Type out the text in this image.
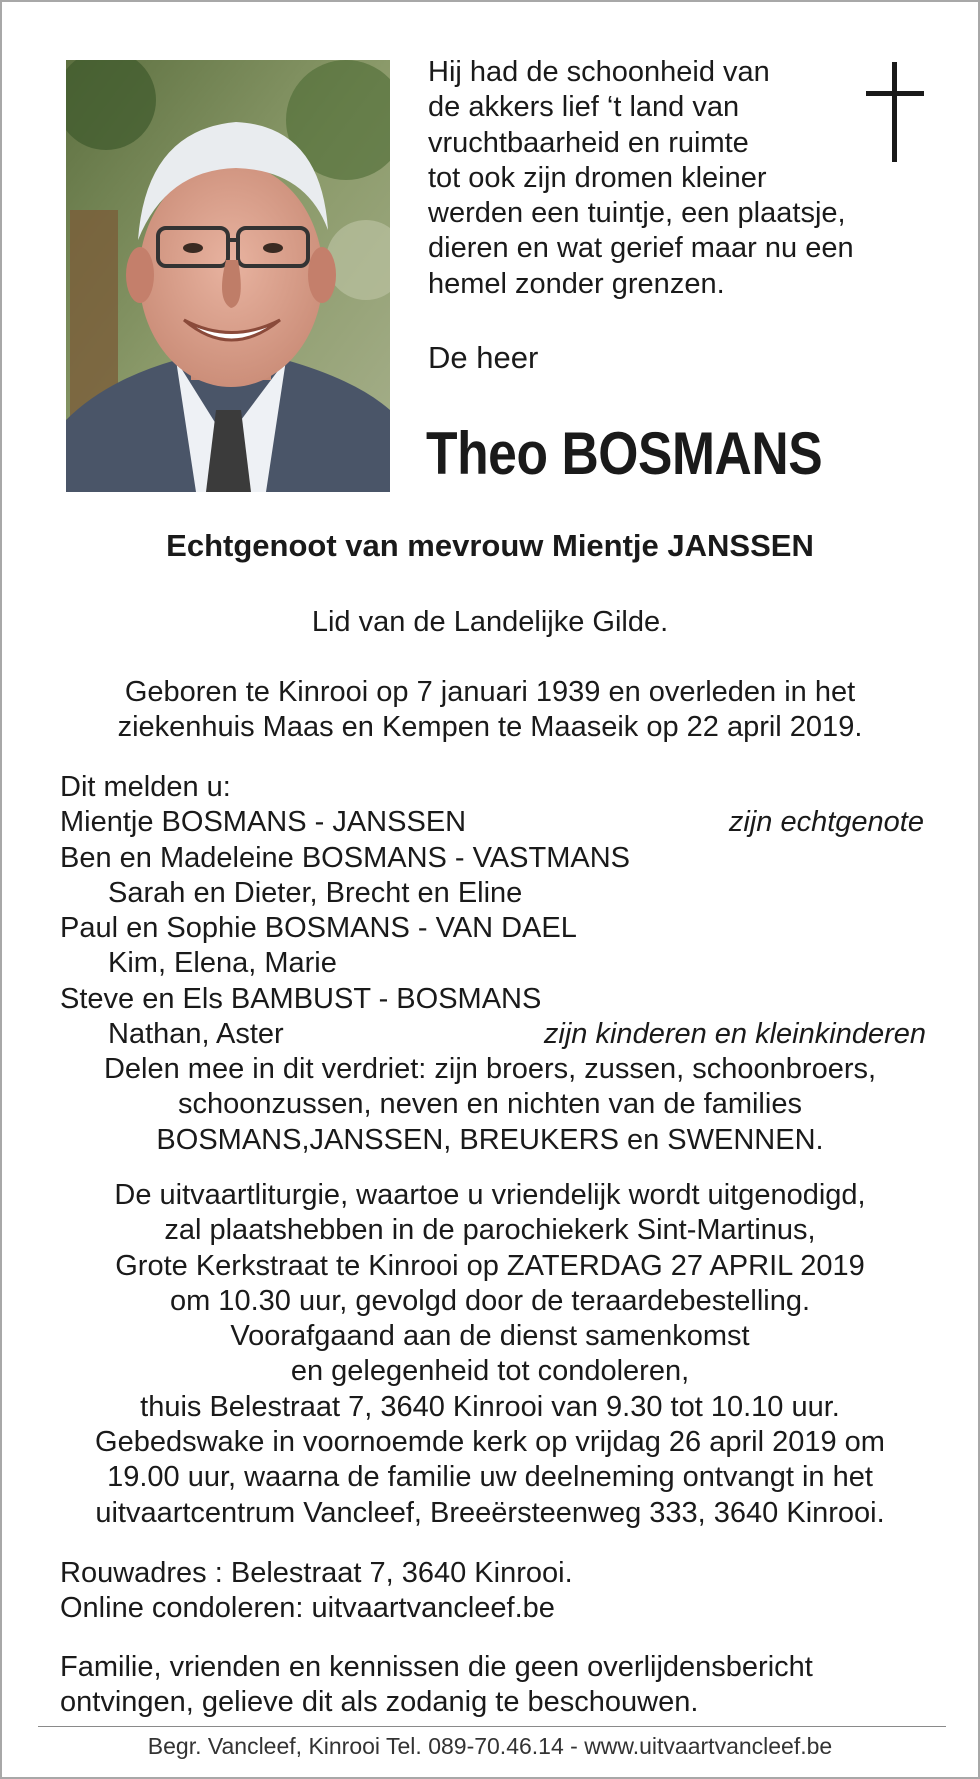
Hij had de schoonheid van
de akkers lief ‘t land van
vruchtbaarheid en ruimte
tot ook zijn dromen kleiner
werden een tuintje, een plaatsje,
dieren en wat gerief maar nu een
hemel zonder grenzen.
De heer
Theo BOSMANS
Echtgenoot van mevrouw Mientje JANSSEN
Lid van de Landelijke Gilde.
Geboren te Kinrooi op 7 januari 1939 en overleden in het
ziekenhuis Maas en Kempen te Maaseik op 22 april 2019.
Dit melden u:
Mientje BOSMANS - JANSSEN	zijn echtgenote
Ben en Madeleine BOSMANS - VASTMANS
Sarah en Dieter, Brecht en Eline
Paul en Sophie BOSMANS - VAN DAEL
Kim, Elena, Marie
Steve en Els BAMBUST - BOSMANS
Nathan, Aster	zijn kinderen en kleinkinderen
Delen mee in dit verdriet: zijn broers, zussen, schoonbroers,
schoonzussen, neven en nichten van de families
BOSMANS,JANSSEN, BREUKERS en SWENNEN.
De uitvaartliturgie, waartoe u vriendelijk wordt uitgenodigd,
zal plaatshebben in de parochiekerk Sint-Martinus,
Grote Kerkstraat te Kinrooi op ZATERDAG 27 APRIL 2019
om 10.30 uur, gevolgd door de teraardebestelling.
Voorafgaand aan de dienst samenkomst
en gelegenheid tot condoleren,
thuis Belestraat 7, 3640 Kinrooi van 9.30 tot 10.10 uur.
Gebedswake in voornoemde kerk op vrijdag 26 april 2019 om
19.00 uur, waarna de familie uw deelneming ontvangt in het
uitvaartcentrum Vancleef, Breeërsteenweg 333, 3640 Kinrooi.
Rouwadres : Belestraat 7, 3640 Kinrooi.
Online condoleren: uitvaartvancleef.be
Familie, vrienden en kennissen die geen overlijdensbericht
ontvingen, gelieve dit als zodanig te beschouwen.
Begr. Vancleef, Kinrooi Tel. 089-70.46.14 - www.uitvaartvancleef.be
